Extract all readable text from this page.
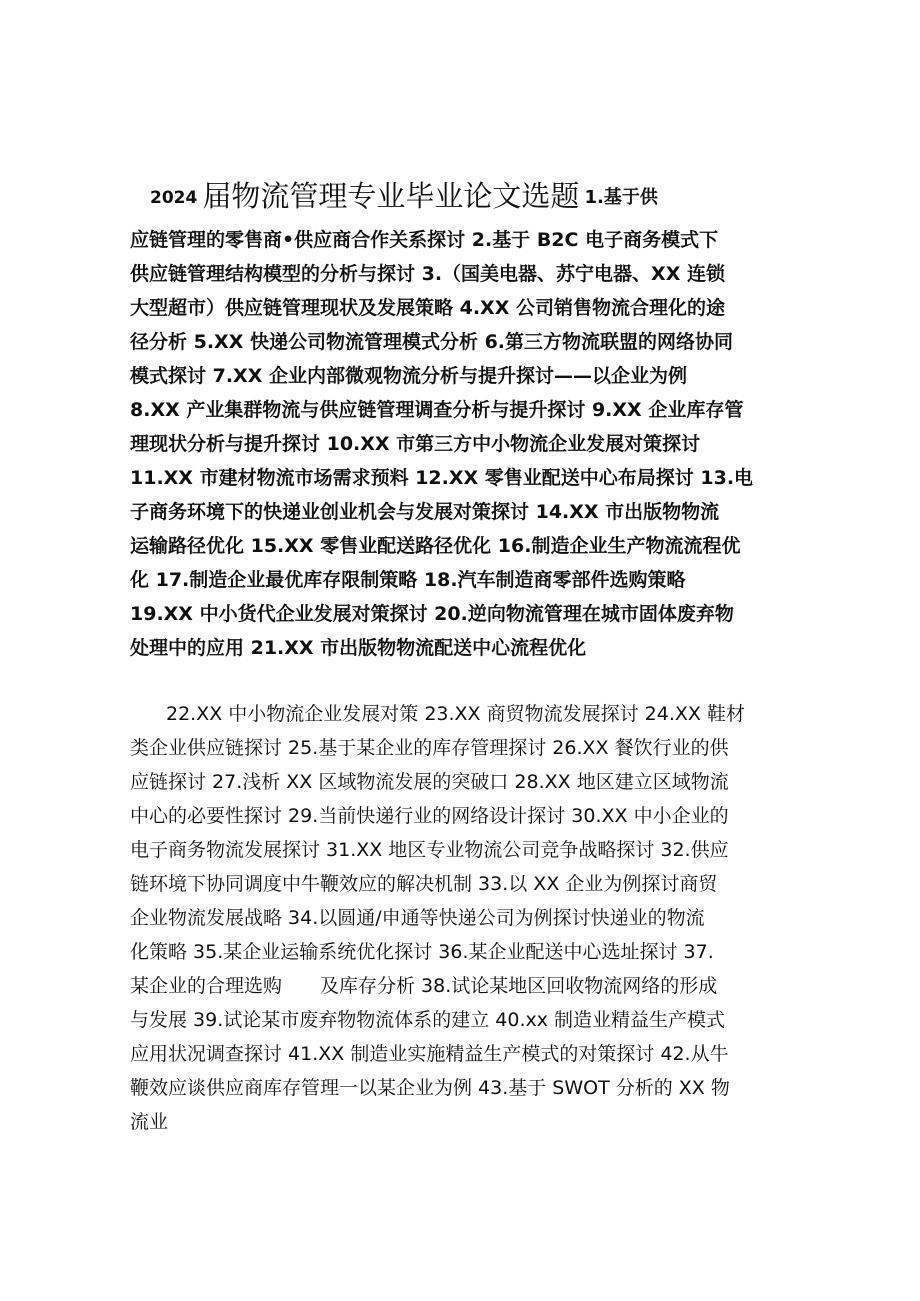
2024 届物流管理专业毕业论文选题 1.基于供
应链管理的零售商•供应商合作关系探讨 2.基于 B2C 电子商务模式下
供应链管理结构模型的分析与探讨 3.（国美电器、苏宁电器、XX 连锁
大型超市）供应链管理现状及发展策略 4.XX 公司销售物流合理化的途
径分析 5.XX 快递公司物流管理模式分析 6.第三方物流联盟的网络协同
模式探讨 7.XX 企业内部微观物流分析与提升探讨——以企业为例
8.XX 产业集群物流与供应链管理调查分析与提升探讨 9.XX 企业库存管
理现状分析与提升探讨 10.XX 市第三方中小物流企业发展对策探讨
11.XX 市建材物流市场需求预料 12.XX 零售业配送中心布局探讨 13.电
子商务环境下的快递业创业机会与发展对策探讨 14.XX 市出版物物流
运输路径优化 15.XX 零售业配送路径优化 16.制造企业生产物流流程优
化 17.制造企业最优库存限制策略 18.汽车制造商零部件选购策略
19.XX 中小货代企业发展对策探讨 20.逆向物流管理在城市固体废弃物
处理中的应用 21.XX 市出版物物流配送中心流程优化
22.XX 中小物流企业发展对策 23.XX 商贸物流发展探讨 24.XX 鞋材
类企业供应链探讨 25.基于某企业的库存管理探讨 26.XX 餐饮行业的供
应链探讨 27.浅析 XX 区域物流发展的突破口 28.XX 地区建立区域物流
中心的必要性探讨 29.当前快递行业的网络设计探讨 30.XX 中小企业的
电子商务物流发展探讨 31.XX 地区专业物流公司竞争战略探讨 32.供应
链环境下协同调度中牛鞭效应的解决机制 33.以 XX 企业为例探讨商贸
企业物流发展战略 34.以圆通/申通等快递公司为例探讨快递业的物流
化策略 35.某企业运输系统优化探讨 36.某企业配送中心选址探讨 37.
某企业的合理选购　　及库存分析 38.试论某地区回收物流网络的形成
与发展 39.试论某市废弃物物流体系的建立 40.xx 制造业精益生产模式
应用状况调查探讨 41.XX 制造业实施精益生产模式的对策探讨 42.从牛
鞭效应谈供应商库存管理一以某企业为例 43.基于 SWOT 分析的 XX 物
流业
